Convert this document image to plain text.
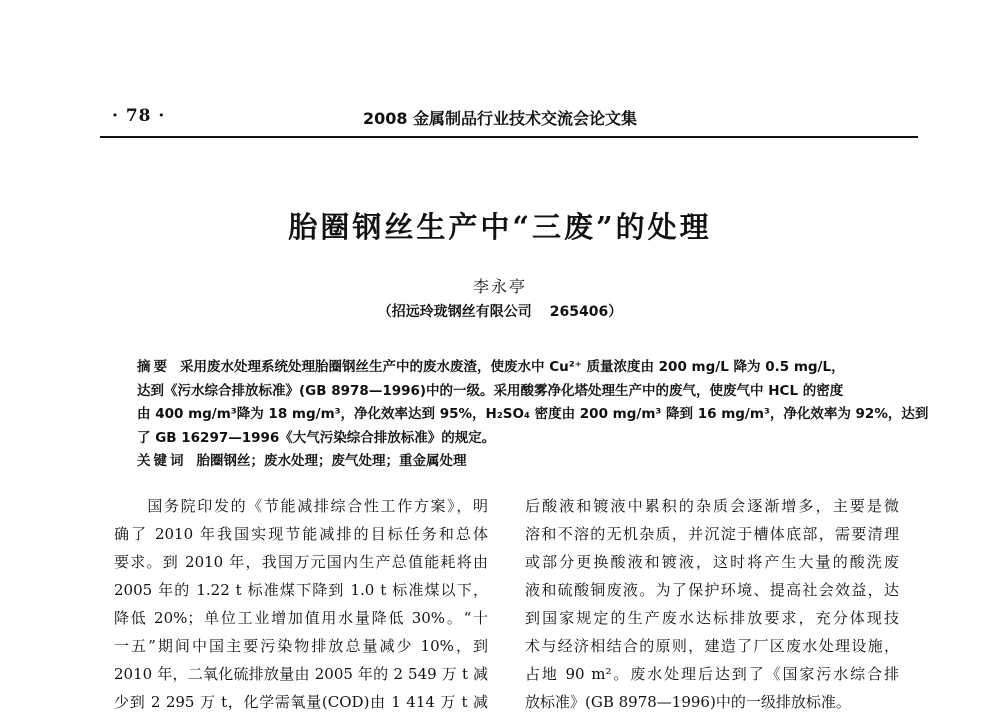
· 78 ·	2008 金属制品行业技术交流会论文集
胎圈钢丝生产中“三废”的处理
李永亭
（招远玲珑钢丝有限公司 265406）
摘要 采用废水处理系统处理胎圈钢丝生产中的废水废渣，使废水中 Cu²⁺ 质量浓度由 200 mg/L 降为 0.5 mg/L，
达到《污水综合排放标准》(GB 8978—1996)中的一级。采用酸雾净化塔处理生产中的废气，使废气中 HCL 的密度
由 400 mg/m³降为 18 mg/m³，净化效率达到 95%，H₂SO₄ 密度由 200 mg/m³ 降到 16 mg/m³，净化效率为 92%，达到
了 GB 16297—1996《大气污染综合排放标准》的规定。
关键词 胎圈钢丝；废水处理；废气处理；重金属处理
　　国务院印发的《节能减排综合性工作方案》，明
确了 2010 年我国实现节能减排的目标任务和总体
要求。到 2010 年，我国万元国内生产总值能耗将由
2005 年的 1.22 t 标准煤下降到 1.0 t 标准煤以下，
降低 20%；单位工业增加值用水量降低 30%。“十
一五”期间中国主要污染物排放总量减少 10%，到
2010 年，二氧化硫排放量由 2005 年的 2 549 万 t 减
少到 2 295 万 t，化学需氧量(COD)由 1 414 万 t 减
后酸液和镀液中累积的杂质会逐渐增多，主要是微
溶和不溶的无机杂质，并沉淀于槽体底部，需要清理
或部分更换酸液和镀液，这时将产生大量的酸洗废
液和硫酸铜废液。为了保护环境、提高社会效益，达
到国家规定的生产废水达标排放要求，充分体现技
术与经济相结合的原则，建造了厂区废水处理设施，
占地 90 m²。废水处理后达到了《国家污水综合排
放标准》(GB 8978—1996)中的一级排放标准。
